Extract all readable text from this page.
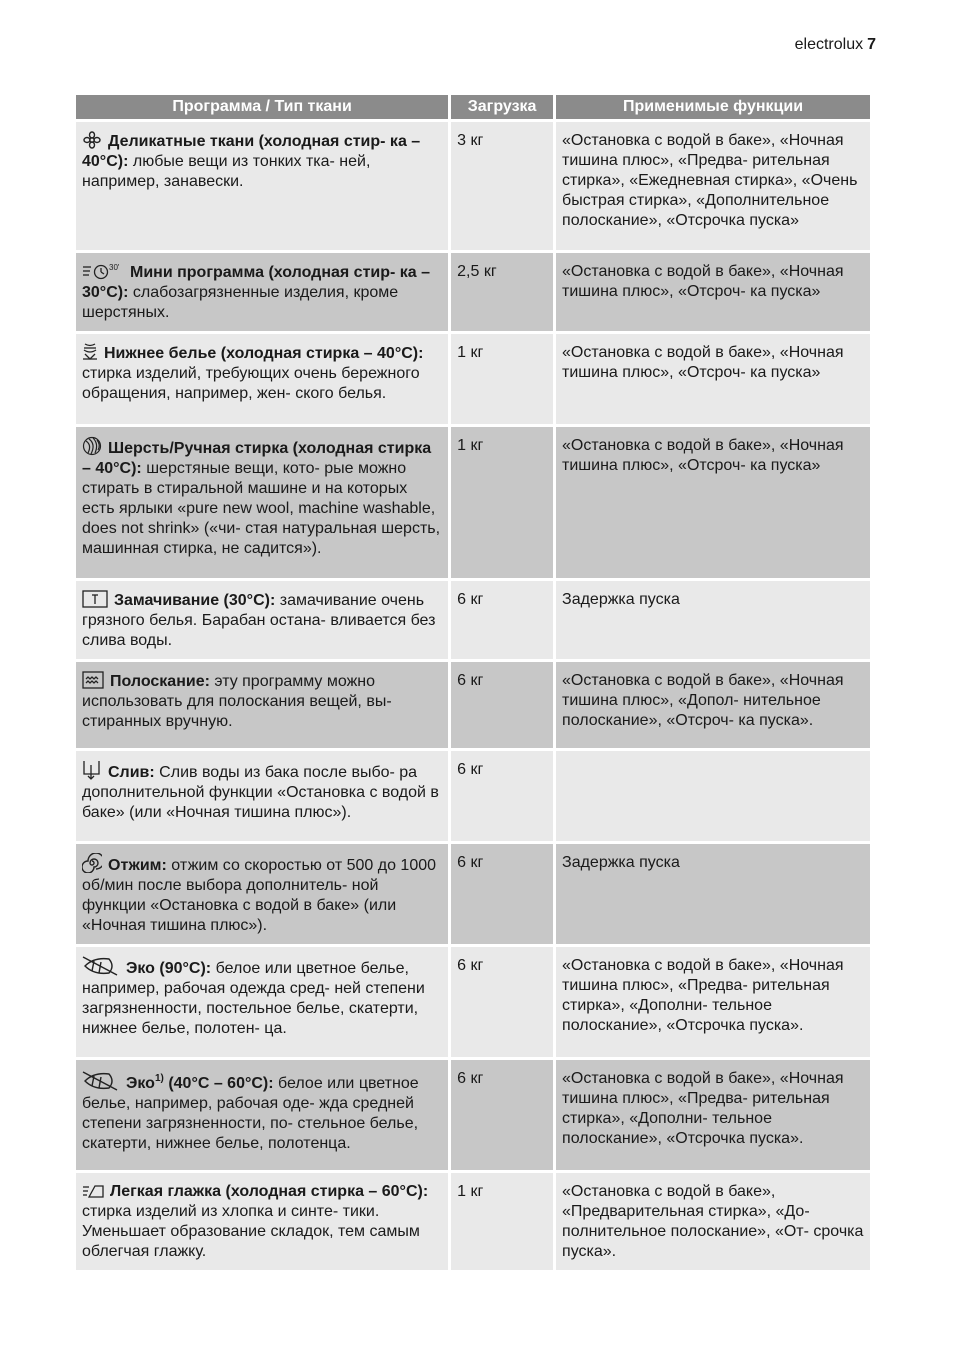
electrolux 7
Программа / Тип ткани	Загрузка	Применимые функции

Деликатные ткани (холодная стир- ка – 40°C): любые вещи из тонких тка- ней, например, занавески.	3 кг	«Остановка с водой в баке», «Ночная тишина плюс», «Предва- рительная стирка», «Ежедневная стирка», «Очень быстрая стирка», «Дополнительное полоскание», «Отсрочка пуска»

30' Мини программа (холодная стир- ка – 30°C): слабозагрязненные изделия, кроме шерстяных.	2,5 кг	«Остановка с водой в баке», «Ночная тишина плюс», «Отсроч- ка пуска»

Нижнее белье (холодная стирка – 40°C): стирка изделий, требующих очень бережного обращения, например, жен- ского белья.	1 кг	«Остановка с водой в баке», «Ночная тишина плюс», «Отсроч- ка пуска»

Шерсть/Ручная стирка (холодная стирка – 40°C): шерстяные вещи, кото- рые можно стирать в стиральной машине и на которых есть ярлыки «pure new wool, machine washable, does not shrink» («чи- стая натуральная шерсть, машинная стирка, не садится»).	1 кг	«Остановка с водой в баке», «Ночная тишина плюс», «Отсроч- ка пуска»

Замачивание (30°C): замачивание очень грязного белья. Барабан остана- вливается без слива воды.	6 кг	Задержка пуска

Полоскание: эту программу можно использовать для полоскания вещей, вы- стиранных вручную.	6 кг	«Остановка с водой в баке», «Ночная тишина плюс», «Допол- нительное полоскание», «Отсроч- ка пуска».

Слив: Слив воды из бака после выбо- ра дополнительной функции «Остановка с водой в баке» (или «Ночная тишина плюс»).	6 кг	

Отжим: отжим со скоростью от 500 до 1000 об/мин после выбора дополнитель- ной функции «Остановка с водой в баке» (или «Ночная тишина плюс»).	6 кг	Задержка пуска

Эко (90°C): белое или цветное белье, например, рабочая одежда сред- ней степени загрязненности, постельное белье, скатерти, нижнее белье, полотен- ца.	6 кг	«Остановка с водой в баке», «Ночная тишина плюс», «Предва- рительная стирка», «Дополни- тельное полоскание», «Отсрочка пуска».

Эко$^{1)}$ (40°C – 60°C): белое или цветное белье, например, рабочая оде- жда средней степени загрязненности, по- стельное белье, скатерти, нижнее белье, полотенца.	6 кг	«Остановка с водой в баке», «Ночная тишина плюс», «Предва- рительная стирка», «Дополни- тельное полоскание», «Отсрочка пуска».

Легкая глажка (холодная стирка – 60°C): стирка изделий из хлопка и синте- тики. Уменьшает образование складок, тем самым облегчая глажку.	1 кг	«Остановка с водой в баке», «Предварительная стирка», «До- полнительное полоскание», «От- срочка пуска».
